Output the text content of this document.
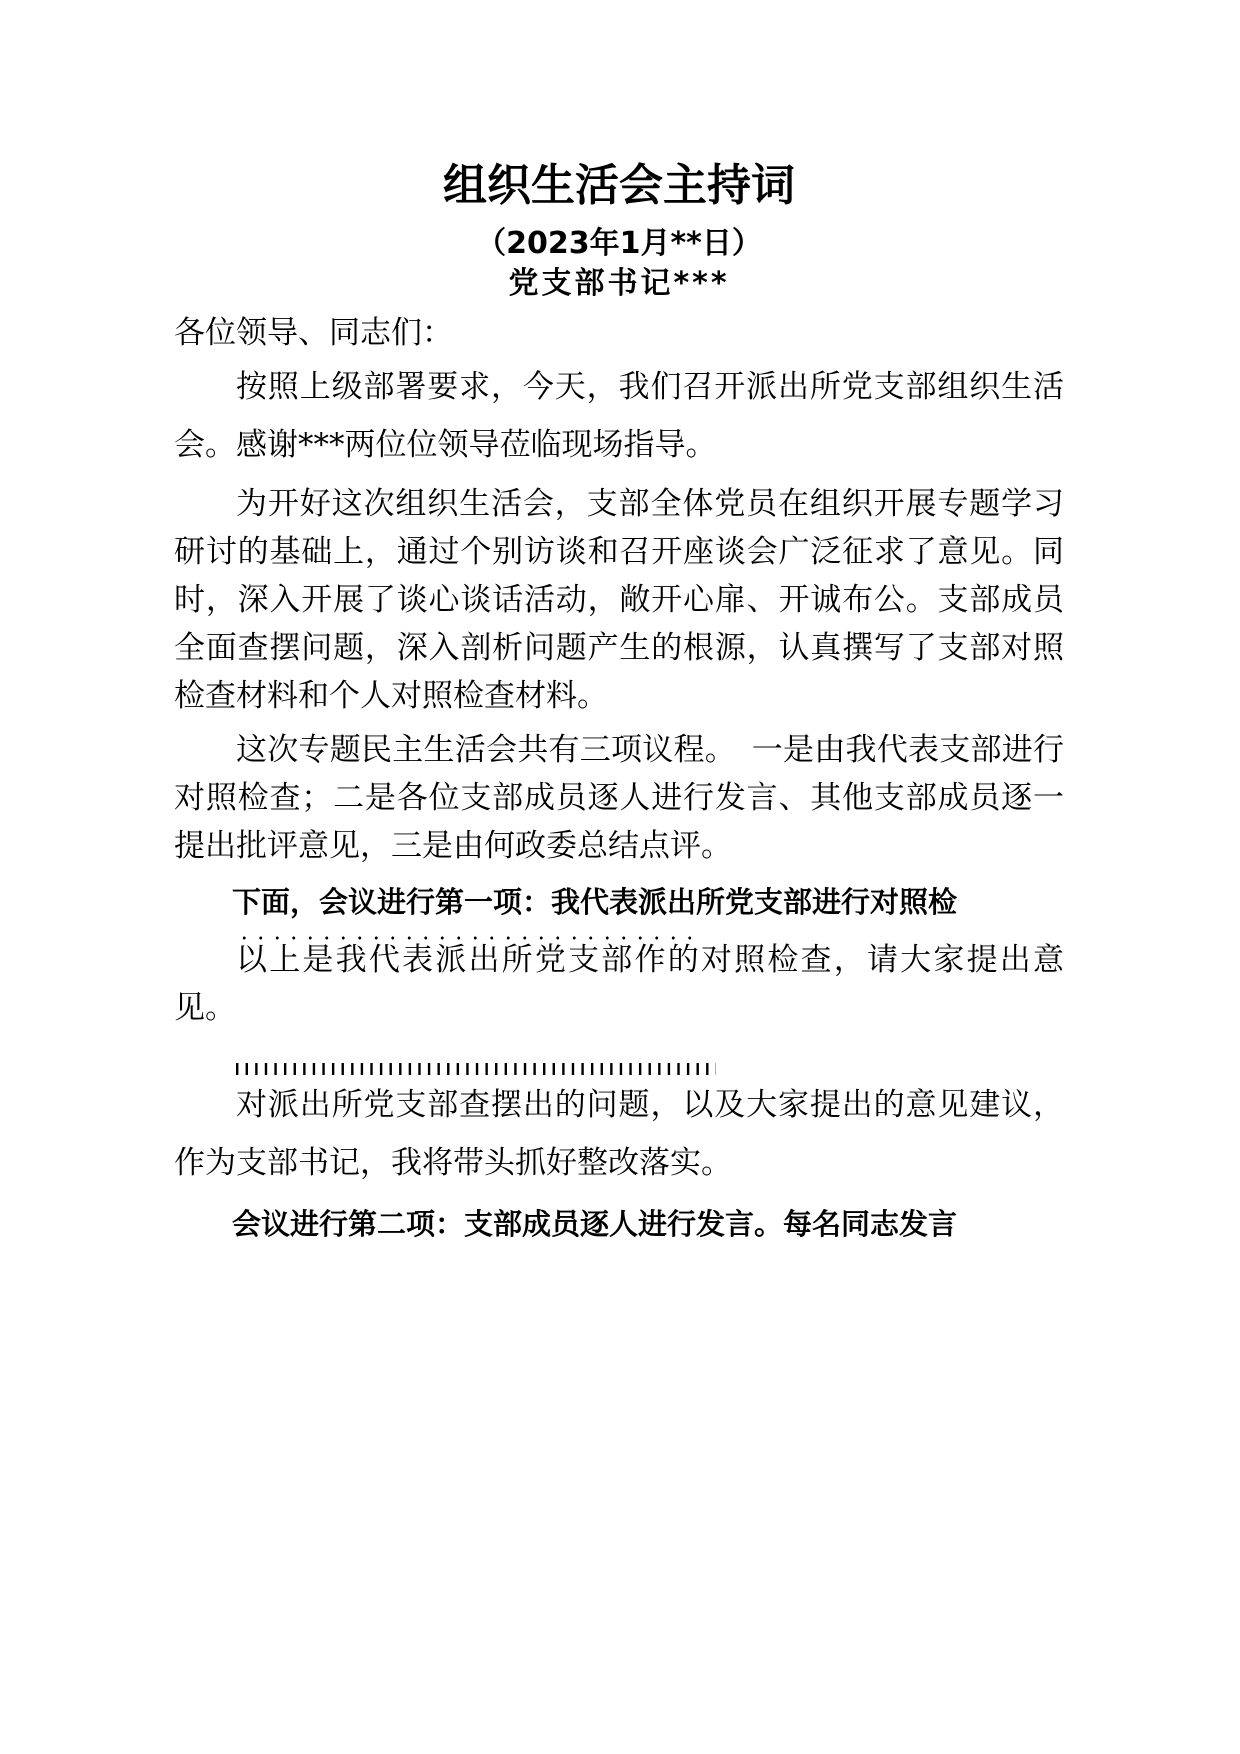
组织生活会主持词
（2023年1月**日）
党支部书记***

各位领导、同志们：

按照上级部署要求，今天，我们召开派出所党支部组织生活会。感谢***两位位领导莅临现场指导。

为开好这次组织生活会，支部全体党员在组织开展专题学习研讨的基础上，通过个别访谈和召开座谈会广泛征求了意见。同时，深入开展了谈心谈话活动，敞开心扉、开诚布公。支部成员全面查摆问题，深入剖析问题产生的根源，认真撰写了支部对照检查材料和个人对照检查材料。

这次专题民主生活会共有三项议程。　一是由我代表支部进行对照检查；二是各位支部成员逐人进行发言、其他支部成员逐一提出批评意见，三是由何政委总结点评。

下面，会议进行第一项：我代表派出所党支部进行对照检

以上是我代表派出所党支部作的对照检查，请大家提出意见。

对派出所党支部查摆出的问题，以及大家提出的意见建议，作为支部书记，我将带头抓好整改落实。

会议进行第二项：支部成员逐人进行发言。每名同志发言
